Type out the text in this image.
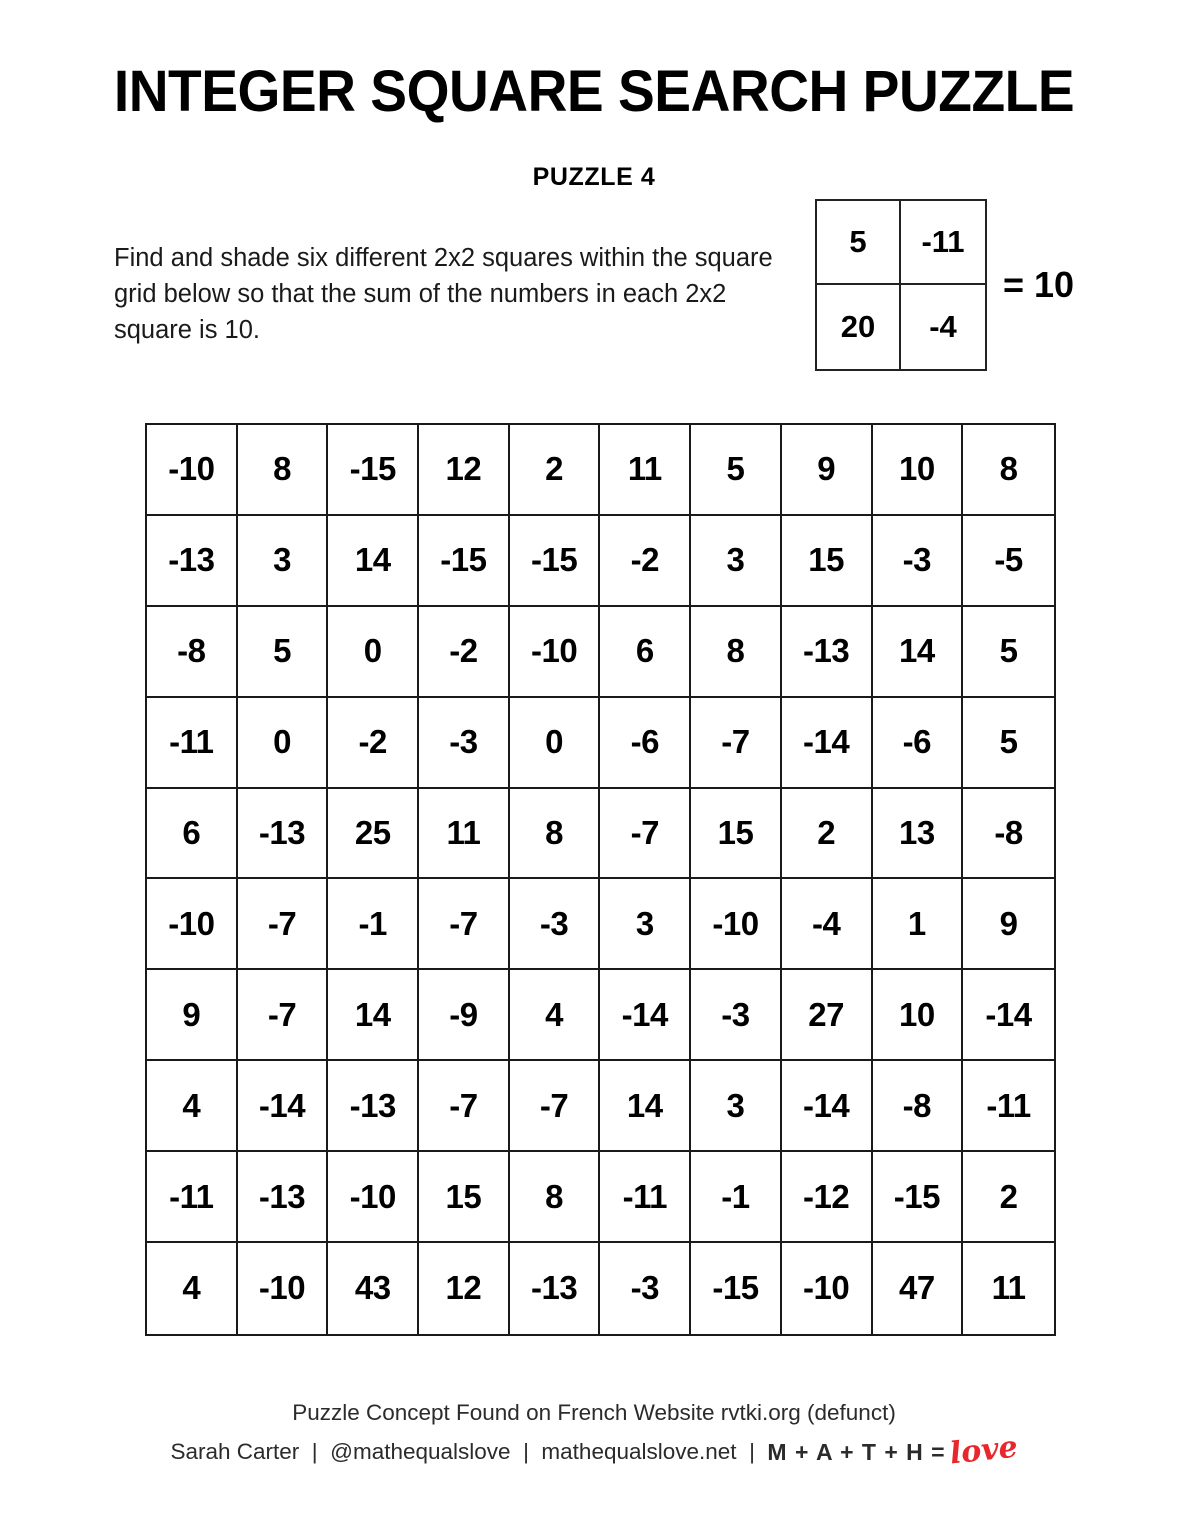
INTEGER SQUARE SEARCH PUZZLE
PUZZLE 4
Find and shade six different 2x2 squares within the square grid below so that the sum of the numbers in each 2x2 square is 10.
5	-11
20	-4
= 10
-10	8	-15	12	2	11	5	9	10	8
-13	3	14	-15	-15	-2	3	15	-3	-5
-8	5	0	-2	-10	6	8	-13	14	5
-11	0	-2	-3	0	-6	-7	-14	-6	5
6	-13	25	11	8	-7	15	2	13	-8
-10	-7	-1	-7	-3	3	-10	-4	1	9
9	-7	14	-9	4	-14	-3	27	10	-14
4	-14	-13	-7	-7	14	3	-14	-8	-11
-11	-13	-10	15	8	-11	-1	-12	-15	2
4	-10	43	12	-13	-3	-15	-10	47	11
Puzzle Concept Found on French Website rvtki.org (defunct)
Sarah Carter | @mathequalslove | mathequalslove.net | M + A + T + H = love
